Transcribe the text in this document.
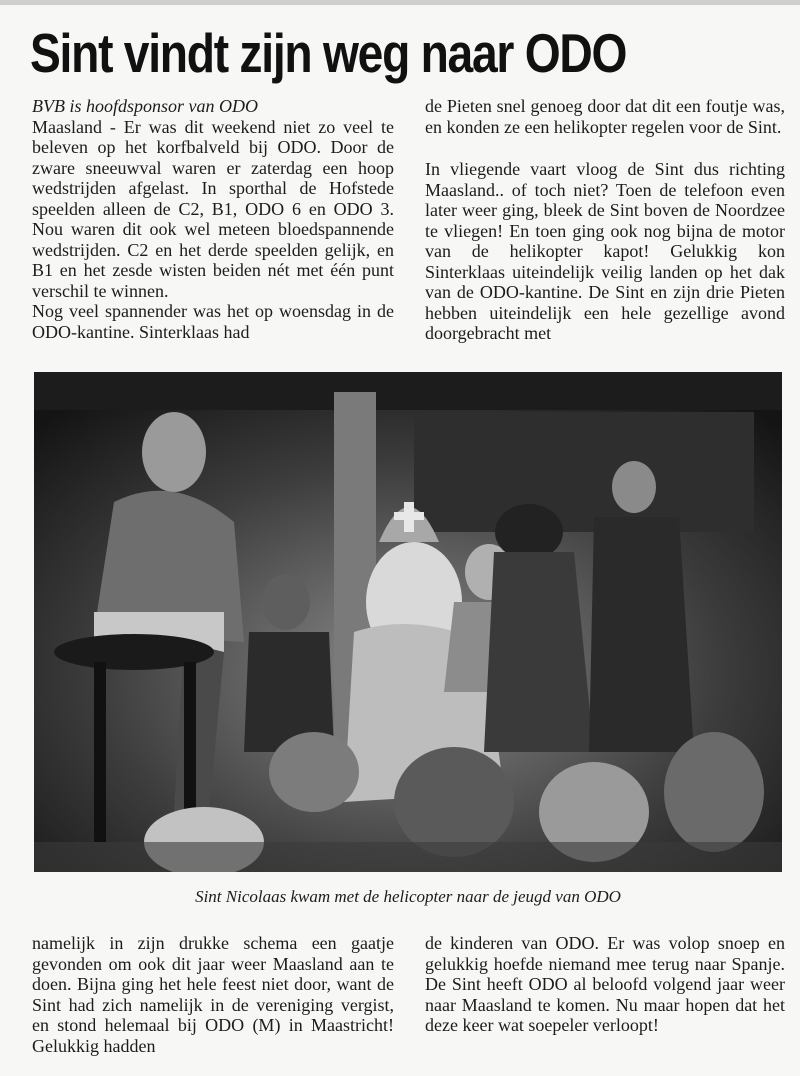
Sint vindt zijn weg naar ODO

BVB is hoofdsponsor van ODO

Maasland - Er was dit weekend niet zo veel te beleven op het korfbalveld bij ODO. Door de zware sneeuwval waren er zaterdag een hoop wedstrijden afgelast. In sporthal de Hofstede speelden alleen de C2, B1, ODO 6 en ODO 3. Nou waren dit ook wel meteen bloedspannende wedstrijden. C2 en het derde speelden gelijk, en B1 en het zesde wisten beiden nét met één punt verschil te winnen.

Nog veel spannender was het op woensdag in de ODO-kantine. Sinterklaas had

de Pieten snel genoeg door dat dit een foutje was, en konden ze een helikopter regelen voor de Sint.

In vliegende vaart vloog de Sint dus richting Maasland.. of toch niet? Toen de telefoon even later weer ging, bleek de Sint boven de Noordzee te vliegen! En toen ging ook nog bijna de motor van de helikopter kapot! Gelukkig kon Sinterklaas uiteindelijk veilig landen op het dak van de ODO-kantine. De Sint en zijn drie Pieten hebben uiteindelijk een hele gezellige avond doorgebracht met

Sint Nicolaas kwam met de helicopter naar de jeugd van ODO

namelijk in zijn drukke schema een gaatje gevonden om ook dit jaar weer Maasland aan te doen. Bijna ging het hele feest niet door, want de Sint had zich namelijk in de vereniging vergist, en stond helemaal bij ODO (M) in Maastricht! Gelukkig hadden

de kinderen van ODO. Er was volop snoep en gelukkig hoefde niemand mee terug naar Spanje. De Sint heeft ODO al beloofd volgend jaar weer naar Maasland te komen. Nu maar hopen dat het deze keer wat soepeler verloopt!
